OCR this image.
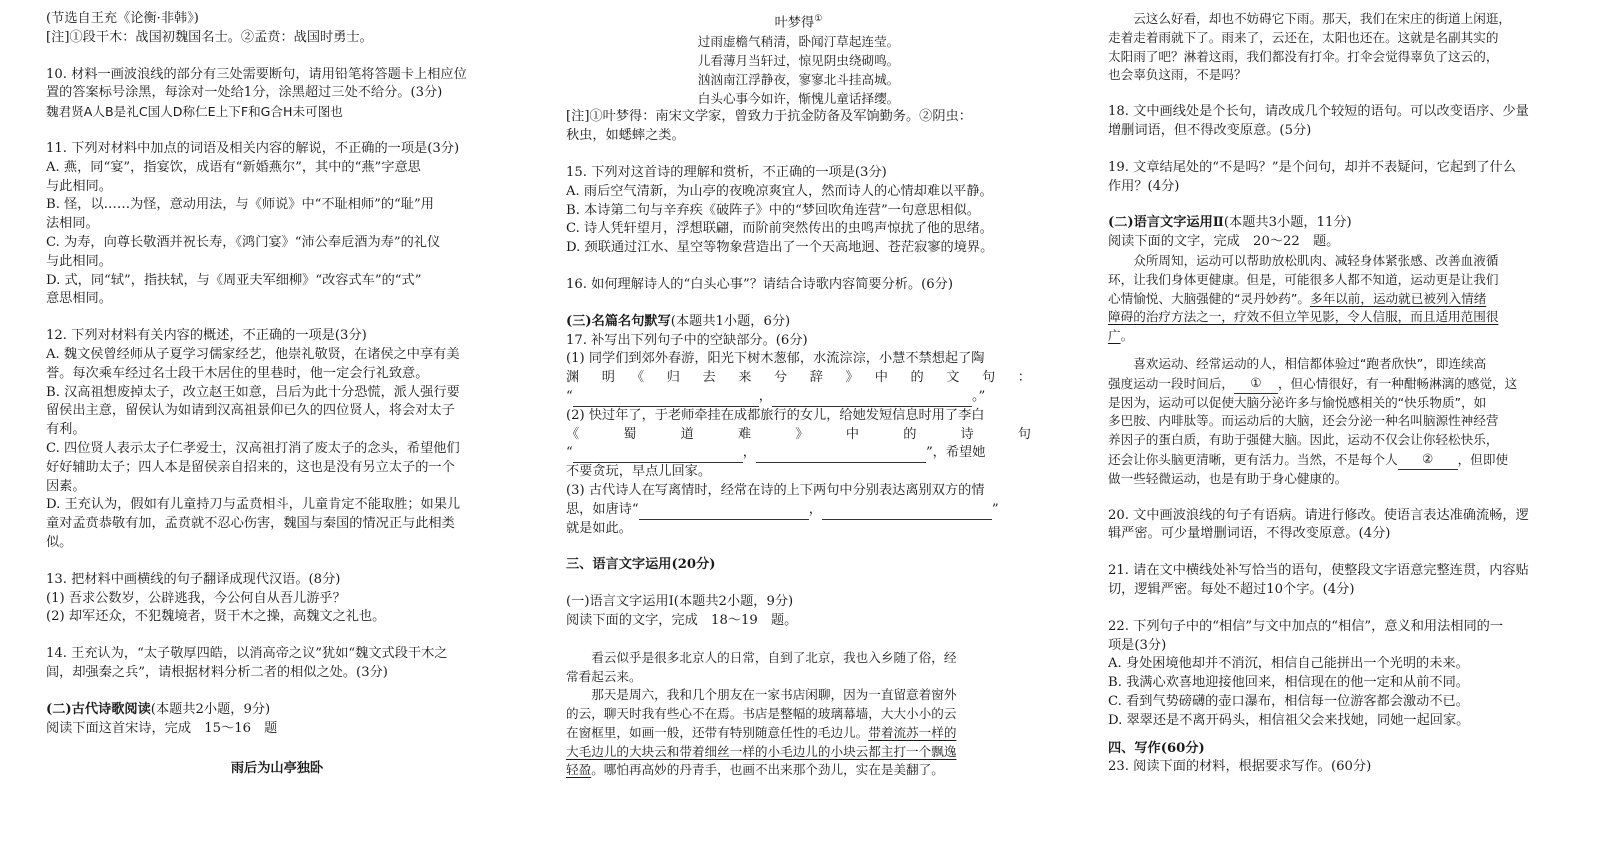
(节选自王充《论衡·非韩》)

[注]①段干木：战国初魏国名士。②孟贲：战国时勇士。

10. 材料一画波浪线的部分有三处需要断句，请用铅笔将答题卡上相应位

置的答案标号涂黑，每涂对一处给1分，涂黑超过三处不给分。(3分)

魏君贤A人B是礼C国人D称仁E上下F和G合H未可图也

11. 下列对材料中加点的词语及相关内容的解说，不正确的一项是(3分)

A. 燕，同“宴”，指宴饮，成语有“新婚燕尔”，其中的“燕”字意思

与此相同。

B. 怪，以……为怪，意动用法，与《师说》中“不耻相师”的“耻”用

法相同。

C. 为寿，向尊长敬酒并祝长寿，《鸿门宴》“沛公奉卮酒为寿”的礼仪

与此相同。

D. 式，同“轼”，指扶轼，与《周亚夫军细柳》“改容式车”的“式”

意思相同。

12. 下列对材料有关内容的概述，不正确的一项是(3分)

A. 魏文侯曾经师从子夏学习儒家经艺，他崇礼敬贤，在诸侯之中享有美

誉。每次乘车经过名士段干木居住的里巷时，他一定会行礼致意。

B. 汉高祖想废掉太子，改立赵王如意，吕后为此十分恐慌，派人强行要

留侯出主意，留侯认为如请到汉高祖景仰已久的四位贤人，将会对太子

有利。

C. 四位贤人表示太子仁孝爱士，汉高祖打消了废太子的念头，希望他们

好好辅助太子；四人本是留侯亲自招来的，这也是没有另立太子的一个

因素。

D. 王充认为，假如有儿童持刀与孟贲相斗，儿童肯定不能取胜；如果儿

童对孟贲恭敬有加，孟贲就不忍心伤害，魏国与秦国的情况正与此相类

似。

13. 把材料中画横线的句子翻译成现代汉语。(8分)

(1) 吾求公数岁，公辟逃我，今公何自从吾儿游乎？

(2) 却军还众，不犯魏境者，贤干木之操，高魏文之礼也。

14. 王充认为，“太子敬厚四皓，以消高帝之议”犹如“魏文式段干木之

闾，却强秦之兵”，请根据材料分析二者的相似之处。(3分)

(二)古代诗歌阅读(本题共2小题，9分)

阅读下面这首宋诗，完成　15～16　题

雨后为山亭独卧

叶梦得①

过雨虚檐气稍清，卧闻汀草起连莹。

儿看薄月当轩过，惊见阴虫绕砌鸣。

汹汹南江浮静夜，寥寥北斗挂高城。

白头心事今如许，惭愧儿童话择缨。

[注]①叶梦得：南宋文学家，曾致力于抗金防备及军饷勤务。②阴虫：

秋虫，如蟋蟀之类。

15. 下列对这首诗的理解和赏析，不正确的一项是(3分)

A. 雨后空气清新，为山亭的夜晚凉爽宜人，然而诗人的心情却难以平静。

B. 本诗第二句与辛弃疾《破阵子》中的“梦回吹角连营”一句意思相似。

C. 诗人凭轩望月，浮想联翩，而阶前突然传出的虫鸣声惊扰了他的思绪。

D. 颈联通过江水、星空等物象营造出了一个天高地迥、苍茫寂寥的境界。

16. 如何理解诗人的“白头心事”？请结合诗歌内容简要分析。(6分)

(三)名篇名句默写(本题共1小题，6分)

17. 补写出下列句子中的空缺部分。(6分)

(1) 同学们到郊外春游，阳光下树木葱郁，水流淙淙，小慧不禁想起了陶

渊　明　《　归　去　来　兮　辞　》　中　的　文　句　：

“	，	。”

(2) 快过年了，于老师牵挂在成都旅行的女儿，给她发短信息时用了李白

《　　蜀　　道　　难　　》　　中　　的　　诗　　句

“	，	”，希望她

不要贪玩，早点儿回家。

(3) 古代诗人在写离情时，经常在诗的上下两句中分别表达离别双方的情

思，如唐诗“	，	”

就是如此。

三、语言文字运用(20分)

(一)语言文字运用Ⅰ(本题共2小题，9分)

阅读下面的文字，完成　18～19　题。

看云似乎是很多北京人的日常，自到了北京，我也入乡随了俗，经

常看起云来。

那天是周六，我和几个朋友在一家书店闲聊，因为一直留意着窗外

的云，聊天时我有些心不在焉。书店是整幅的玻璃幕墙，大大小小的云

在窗框里，如画一般，还带有特别随意任性的毛边儿。带着流苏一样的

大毛边儿的大块云和带着细丝一样的小毛边儿的小块云都主打一个飘逸

轻盈。哪怕再高妙的丹青手，也画不出来那个劲儿，实在是美翻了。

云这么好看，却也不妨碍它下雨。那天，我们在宋庄的街道上闲逛，

走着走着雨就下了。雨来了，云还在，太阳也还在。这就是名副其实的

太阳雨了吧？淋着这雨，我们都没有打伞。打伞会觉得辜负了这云的，

也会辜负这雨，不是吗？

18. 文中画线处是个长句，请改成几个较短的语句。可以改变语序、少量

增删词语，但不得改变原意。(5分)

19. 文章结尾处的“不是吗？”是个问句，却并不表疑问，它起到了什么

作用？(4分)

(二)语言文字运用Ⅱ(本题共3小题，11分)

阅读下面的文字，完成　20～22　题。

众所周知，运动可以帮助放松肌肉、减轻身体紧张感、改善血液循

环，让我们身体更健康。但是，可能很多人都不知道，运动更是让我们

心情愉悦、大脑强健的“灵丹妙药”。多年以前，运动就已被列入情绪

障碍的治疗方法之一，疗效不但立竿见影，令人信服，而且适用范围很

广。

喜欢运动、经常运动的人，相信都体验过“跑者欣快”，即连续高

强度运动一段时间后， ① ，但心情很好，有一种酣畅淋漓的感觉，这

是因为，运动可以促使大脑分泌许多与愉悦感相关的“快乐物质”，如

多巴胺、内啡肽等。而运动后的大脑，还会分泌一种名叫脑源性神经营

养因子的蛋白质，有助于强健大脑。因此，运动不仅会让你轻松快乐，

还会让你头脑更清晰，更有活力。当然，不是每个人 ② ，但即使

做一些轻微运动，也是有助于身心健康的。

20. 文中画波浪线的句子有语病。请进行修改。使语言表达准确流畅，逻

辑严密。可少量增删词语，不得改变原意。(4分)

21. 请在文中横线处补写恰当的语句，使整段文字语意完整连贯，内容贴

切，逻辑严密。每处不超过10个字。(4分)

22. 下列句子中的“相信”与文中加点的“相信”，意义和用法相同的一

项是(3分)

A. 身处困境他却并不消沉，相信自己能拼出一个光明的未来。

B. 我满心欢喜地迎接他回来，相信现在的他一定和从前不同。

C. 看到气势磅礴的壶口瀑布，相信每一位游客都会激动不已。

D. 翠翠还是不离开码头，相信祖父会来找她，同她一起回家。

四、写作(60分)

23. 阅读下面的材料，根据要求写作。(60分)
